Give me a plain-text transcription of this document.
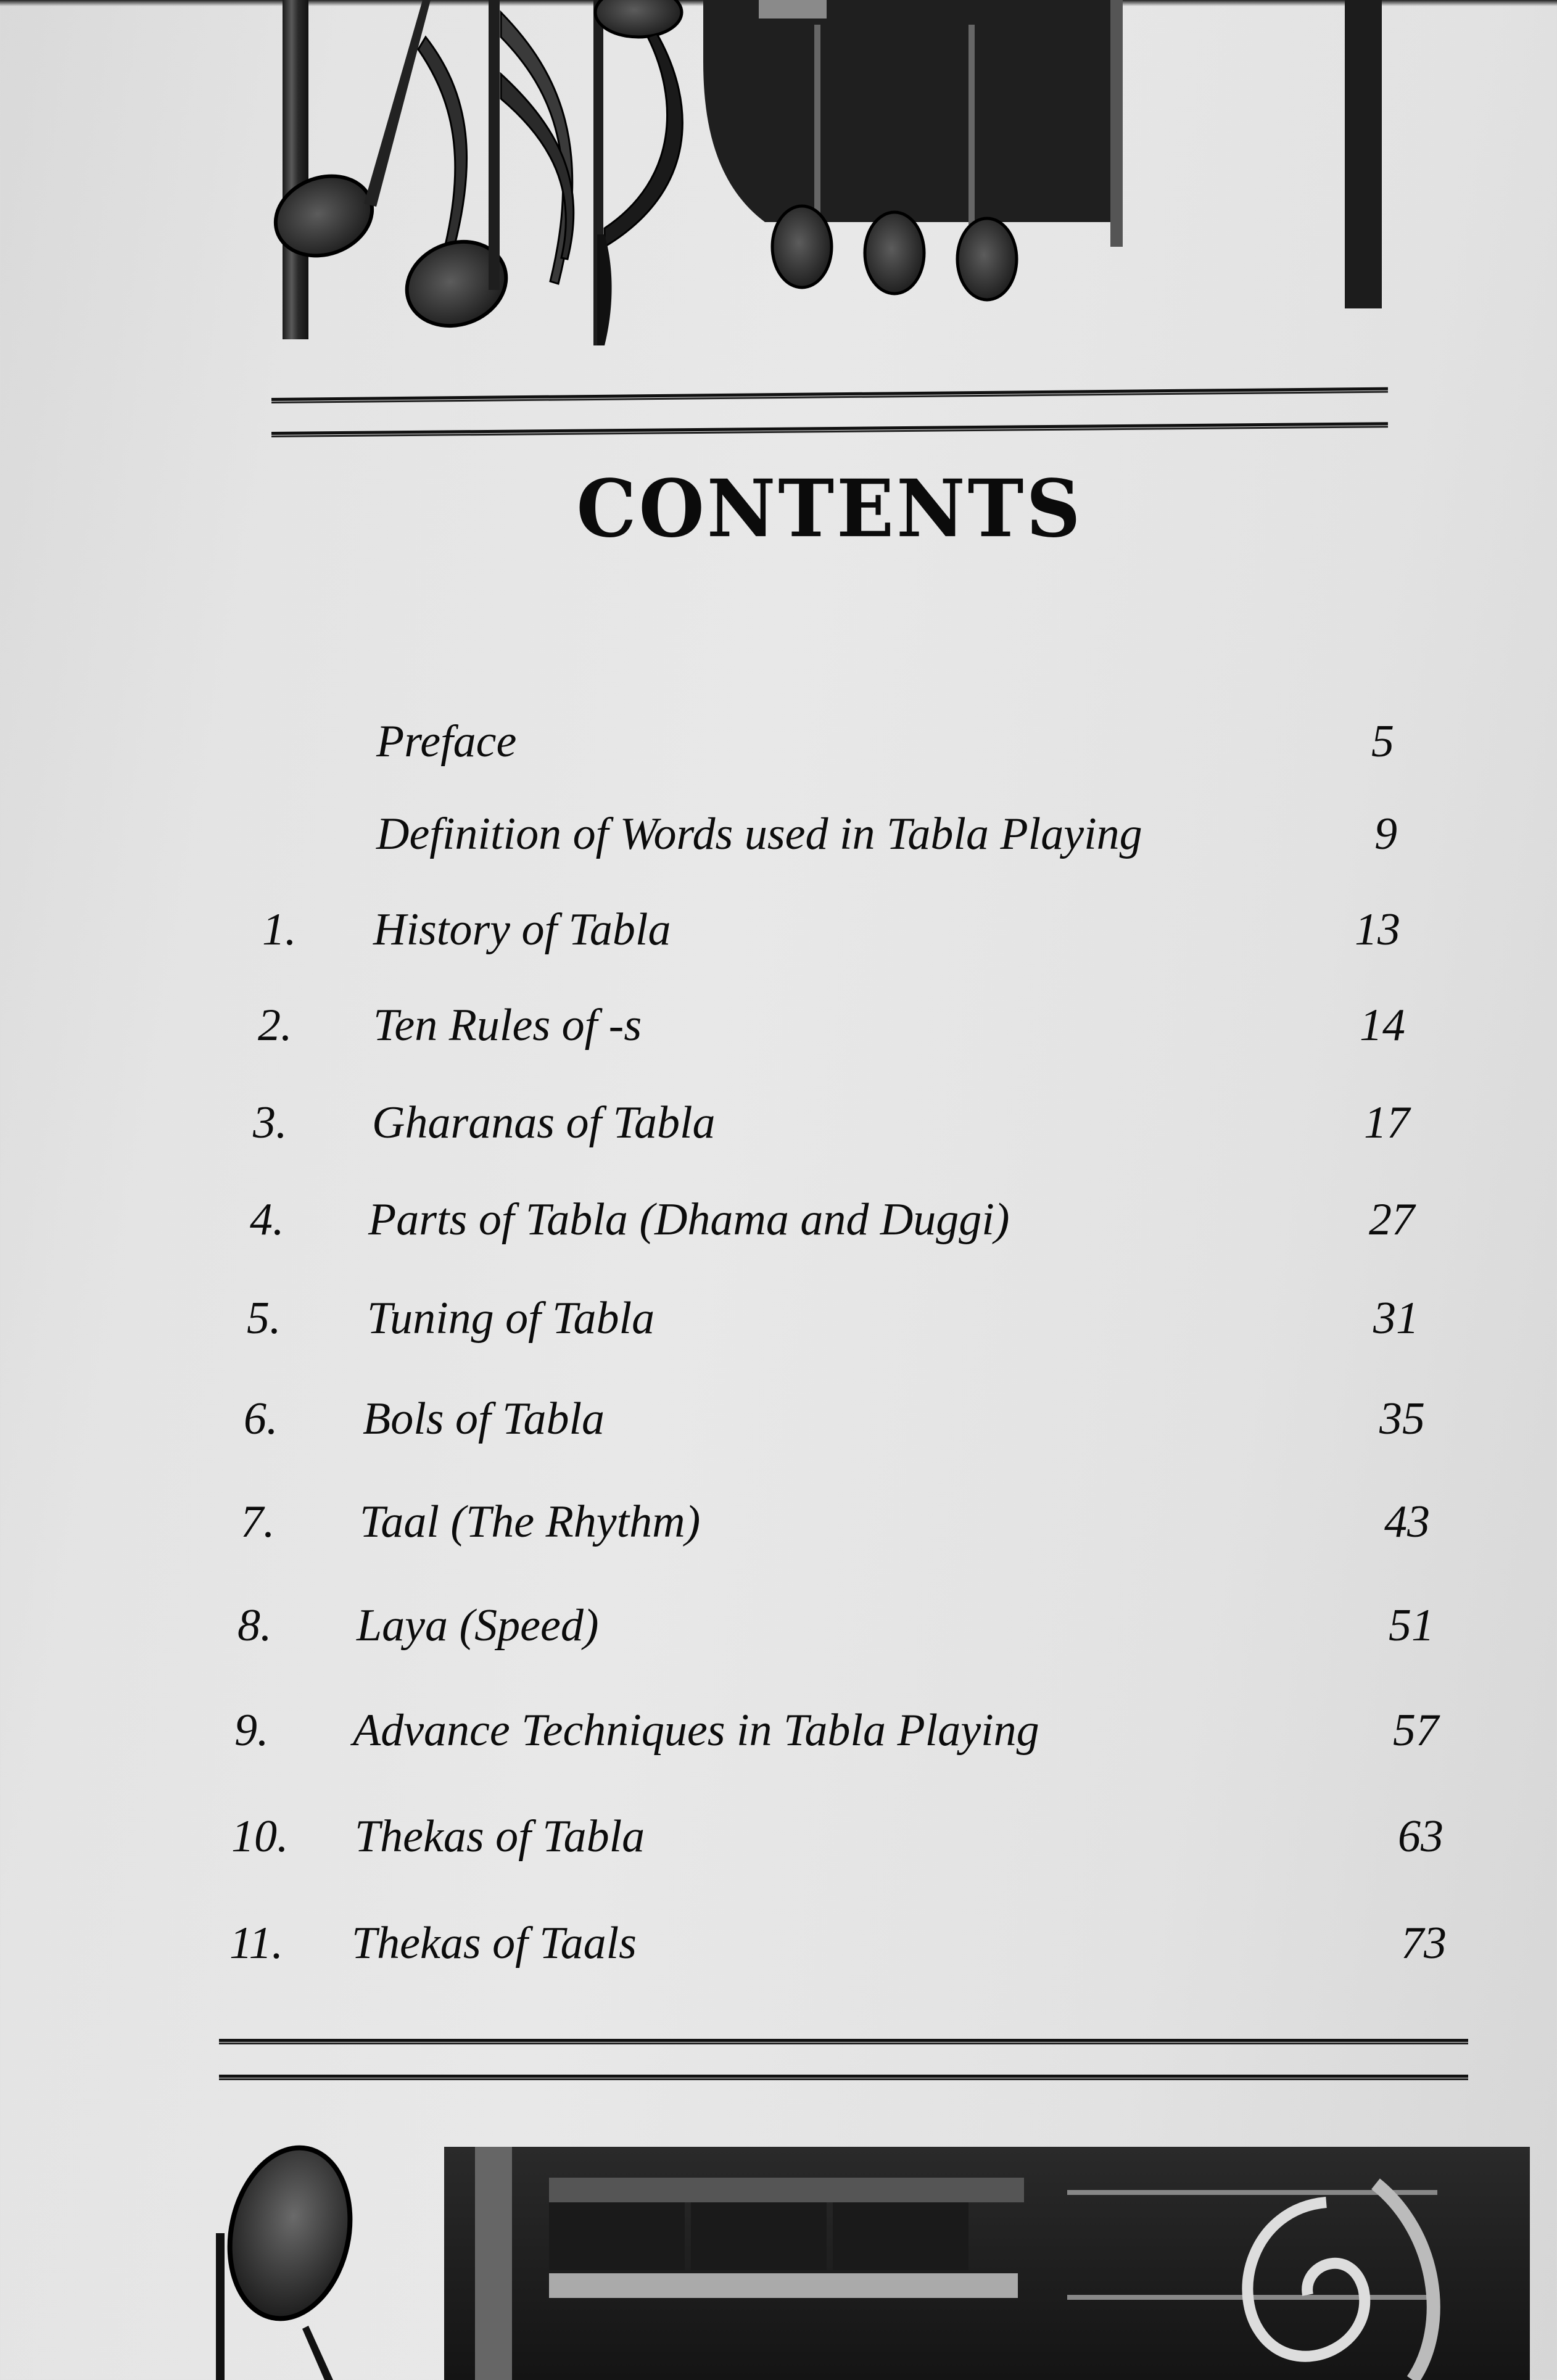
CONTENTS
Preface	5
Definition of Words used in Tabla Playing	9
1. History of Tabla	13
2. Ten Rules of -s	14
3. Gharanas of Tabla	17
4. Parts of Tabla (Dhama and Duggi)	27
5. Tuning of Tabla	31
6. Bols of Tabla	35
7. Taal (The Rhythm)	43
8. Laya (Speed)	51
9. Advance Techniques in Tabla Playing	57
10. Thekas of Tabla	63
11. Thekas of Taals	73
